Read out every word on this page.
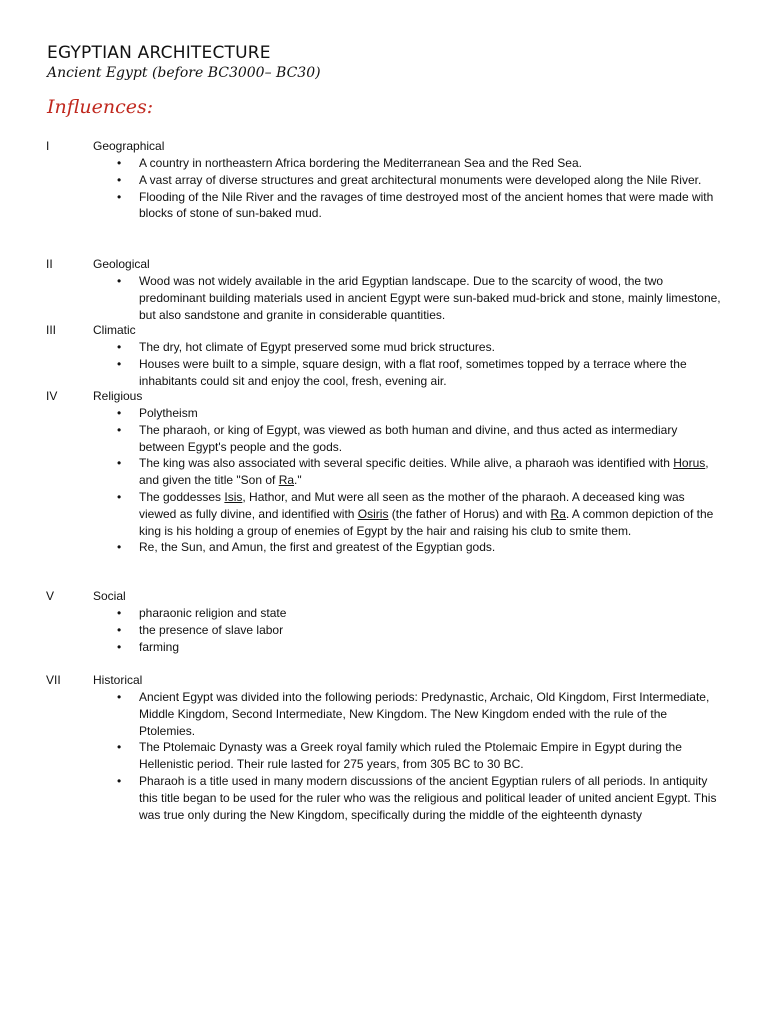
EGYPTIAN ARCHITECTURE
Ancient Egypt (before BC3000– BC30)
Influences:
I	Geographical
• A country in northeastern Africa bordering the Mediterranean Sea and the Red Sea.
• A vast array of diverse structures and great architectural monuments were developed along the Nile River.
• Flooding of the Nile River and the ravages of time destroyed most of the ancient homes that were made with blocks of stone of sun-baked mud.
II	Geological
• Wood was not widely available in the arid Egyptian landscape. Due to the scarcity of wood, the two predominant building materials used in ancient Egypt were sun-baked mud-brick and stone, mainly limestone, but also sandstone and granite in considerable quantities.
III	Climatic
• The dry, hot climate of Egypt preserved some mud brick structures.
• Houses were built to a simple, square design, with a flat roof, sometimes topped by a terrace where the inhabitants could sit and enjoy the cool, fresh, evening air.
IV	Religious
• Polytheism
• The pharaoh, or king of Egypt, was viewed as both human and divine, and thus acted as intermediary between Egypt's people and the gods.
• The king was also associated with several specific deities. While alive, a pharaoh was identified with Horus, and given the title "Son of Ra."
• The goddesses Isis, Hathor, and Mut were all seen as the mother of the pharaoh. A deceased king was viewed as fully divine, and identified with Osiris (the father of Horus) and with Ra. A common depiction of the king is his holding a group of enemies of Egypt by the hair and raising his club to smite them.
• Re, the Sun, and Amun, the first and greatest of the Egyptian gods.
V	Social
• pharaonic religion and state
• the presence of slave labor
• farming
VII	Historical
• Ancient Egypt was divided into the following periods: Predynastic, Archaic, Old Kingdom, First Intermediate, Middle Kingdom, Second Intermediate, New Kingdom. The New Kingdom ended with the rule of the Ptolemies.
• The Ptolemaic Dynasty was a Greek royal family which ruled the Ptolemaic Empire in Egypt during the Hellenistic period. Their rule lasted for 275 years, from 305 BC to 30 BC.
• Pharaoh is a title used in many modern discussions of the ancient Egyptian rulers of all periods. In antiquity this title began to be used for the ruler who was the religious and political leader of united ancient Egypt. This was true only during the New Kingdom, specifically during the middle of the eighteenth dynasty
